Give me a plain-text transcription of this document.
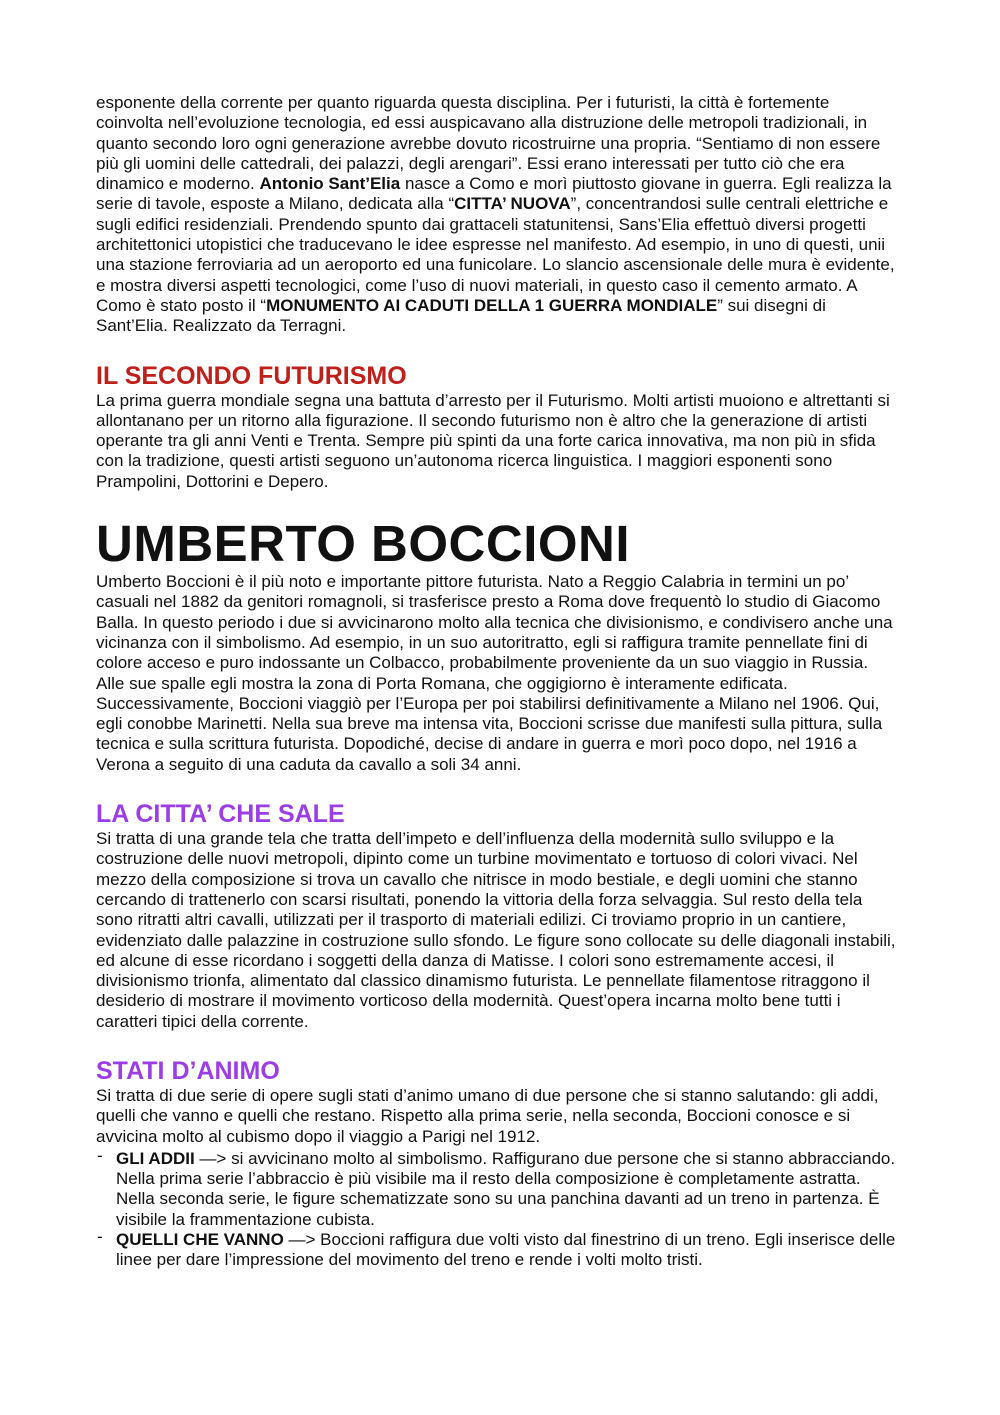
esponente della corrente per quanto riguarda questa disciplina. Per i futuristi, la città è fortemente coinvolta nell’evoluzione tecnologia, ed essi auspicavano alla distruzione delle metropoli tradizionali, in quanto secondo loro ogni generazione avrebbe dovuto ricostruirne una propria. “Sentiamo di non essere più gli uomini delle cattedrali, dei palazzi, degli arengari”. Essi erano interessati per tutto ciò che era dinamico e moderno. Antonio Sant’Elia nasce a Como e morì piuttosto giovane in guerra. Egli realizza la serie di tavole, esposte a Milano, dedicata alla “CITTA’ NUOVA”, concentrandosi sulle centrali elettriche e sugli edifici residenziali. Prendendo spunto dai grattaceli statunitensi, Sans’Elia effettuò diversi progetti architettonici utopistici che traducevano le idee espresse nel manifesto. Ad esempio, in uno di questi, unii una stazione ferroviaria ad un aeroporto ed una funicolare. Lo slancio ascensionale delle mura è evidente, e mostra diversi aspetti tecnologici, come l’uso di nuovi materiali, in questo caso il cemento armato. A Como è stato posto il “MONUMENTO AI CADUTI DELLA 1 GUERRA MONDIALE” sui disegni di Sant’Elia. Realizzato da Terragni.

IL SECONDO FUTURISMO

La prima guerra mondiale segna una battuta d’arresto per il Futurismo. Molti artisti muoiono e altrettanti si allontanano per un ritorno alla figurazione. Il secondo futurismo non è altro che la generazione di artisti operante tra gli anni Venti e Trenta. Sempre più spinti da una forte carica innovativa, ma non più in sfida con la tradizione, questi artisti seguono un’autonoma ricerca linguistica. I maggiori esponenti sono Prampolini, Dottorini e Depero.

UMBERTO BOCCIONI

Umberto Boccioni è il più noto e importante pittore futurista. Nato a Reggio Calabria in termini un po’ casuali nel 1882 da genitori romagnoli, si trasferisce presto a Roma dove frequentò lo studio di Giacomo Balla. In questo periodo i due si avvicinarono molto alla tecnica che divisionismo, e condivisero anche una vicinanza con il simbolismo. Ad esempio, in un suo autoritratto, egli si raffigura tramite pennellate fini di colore acceso e puro indossante un Colbacco, probabilmente proveniente da un suo viaggio in Russia. Alle sue spalle egli mostra la zona di Porta Romana, che oggigiorno è interamente edificata. Successivamente, Boccioni viaggiò per l’Europa per poi stabilirsi definitivamente a Milano nel 1906. Qui, egli conobbe Marinetti. Nella sua breve ma intensa vita, Boccioni scrisse due manifesti sulla pittura, sulla tecnica e sulla scrittura futurista. Dopodiché, decise di andare in guerra e morì poco dopo, nel 1916 a Verona a seguito di una caduta da cavallo a soli 34 anni.

LA CITTA’ CHE SALE

Si tratta di una grande tela che tratta dell’impeto e dell’influenza della modernità sullo sviluppo e la costruzione delle nuovi metropoli, dipinto come un turbine movimentato e tortuoso di colori vivaci. Nel mezzo della composizione si trova un cavallo che nitrisce in modo bestiale, e degli uomini che stanno cercando di trattenerlo con scarsi risultati, ponendo la vittoria della forza selvaggia. Sul resto della tela sono ritratti altri cavalli, utilizzati per il trasporto di materiali edilizi. Ci troviamo proprio in un cantiere, evidenziato dalle palazzine in costruzione sullo sfondo. Le figure sono collocate su delle diagonali instabili, ed alcune di esse ricordano i soggetti della danza di Matisse. I colori sono estremamente accesi, il divisionismo trionfa, alimentato dal classico dinamismo futurista. Le pennellate filamentose ritraggono il desiderio di mostrare il movimento vorticoso della modernità. Quest’opera incarna molto bene tutti i caratteri tipici della corrente.

STATI D’ANIMO

Si tratta di due serie di opere sugli stati d’animo umano di due persone che si stanno salutando: gli addi, quelli che vanno e quelli che restano. Rispetto alla prima serie, nella seconda, Boccioni conosce e si avvicina molto al cubismo dopo il viaggio a Parigi nel 1912.

- GLI ADDII —> si avvicinano molto al simbolismo. Raffigurano due persone che si stanno abbracciando. Nella prima serie l’abbraccio è più visibile ma il resto della composizione è completamente astratta. Nella seconda serie, le figure schematizzate sono su una panchina davanti ad un treno in partenza. È visibile la frammentazione cubista.
- QUELLI CHE VANNO —> Boccioni raffigura due volti visto dal finestrino di un treno. Egli inserisce delle linee per dare l’impressione del movimento del treno e rende i volti molto tristi.
